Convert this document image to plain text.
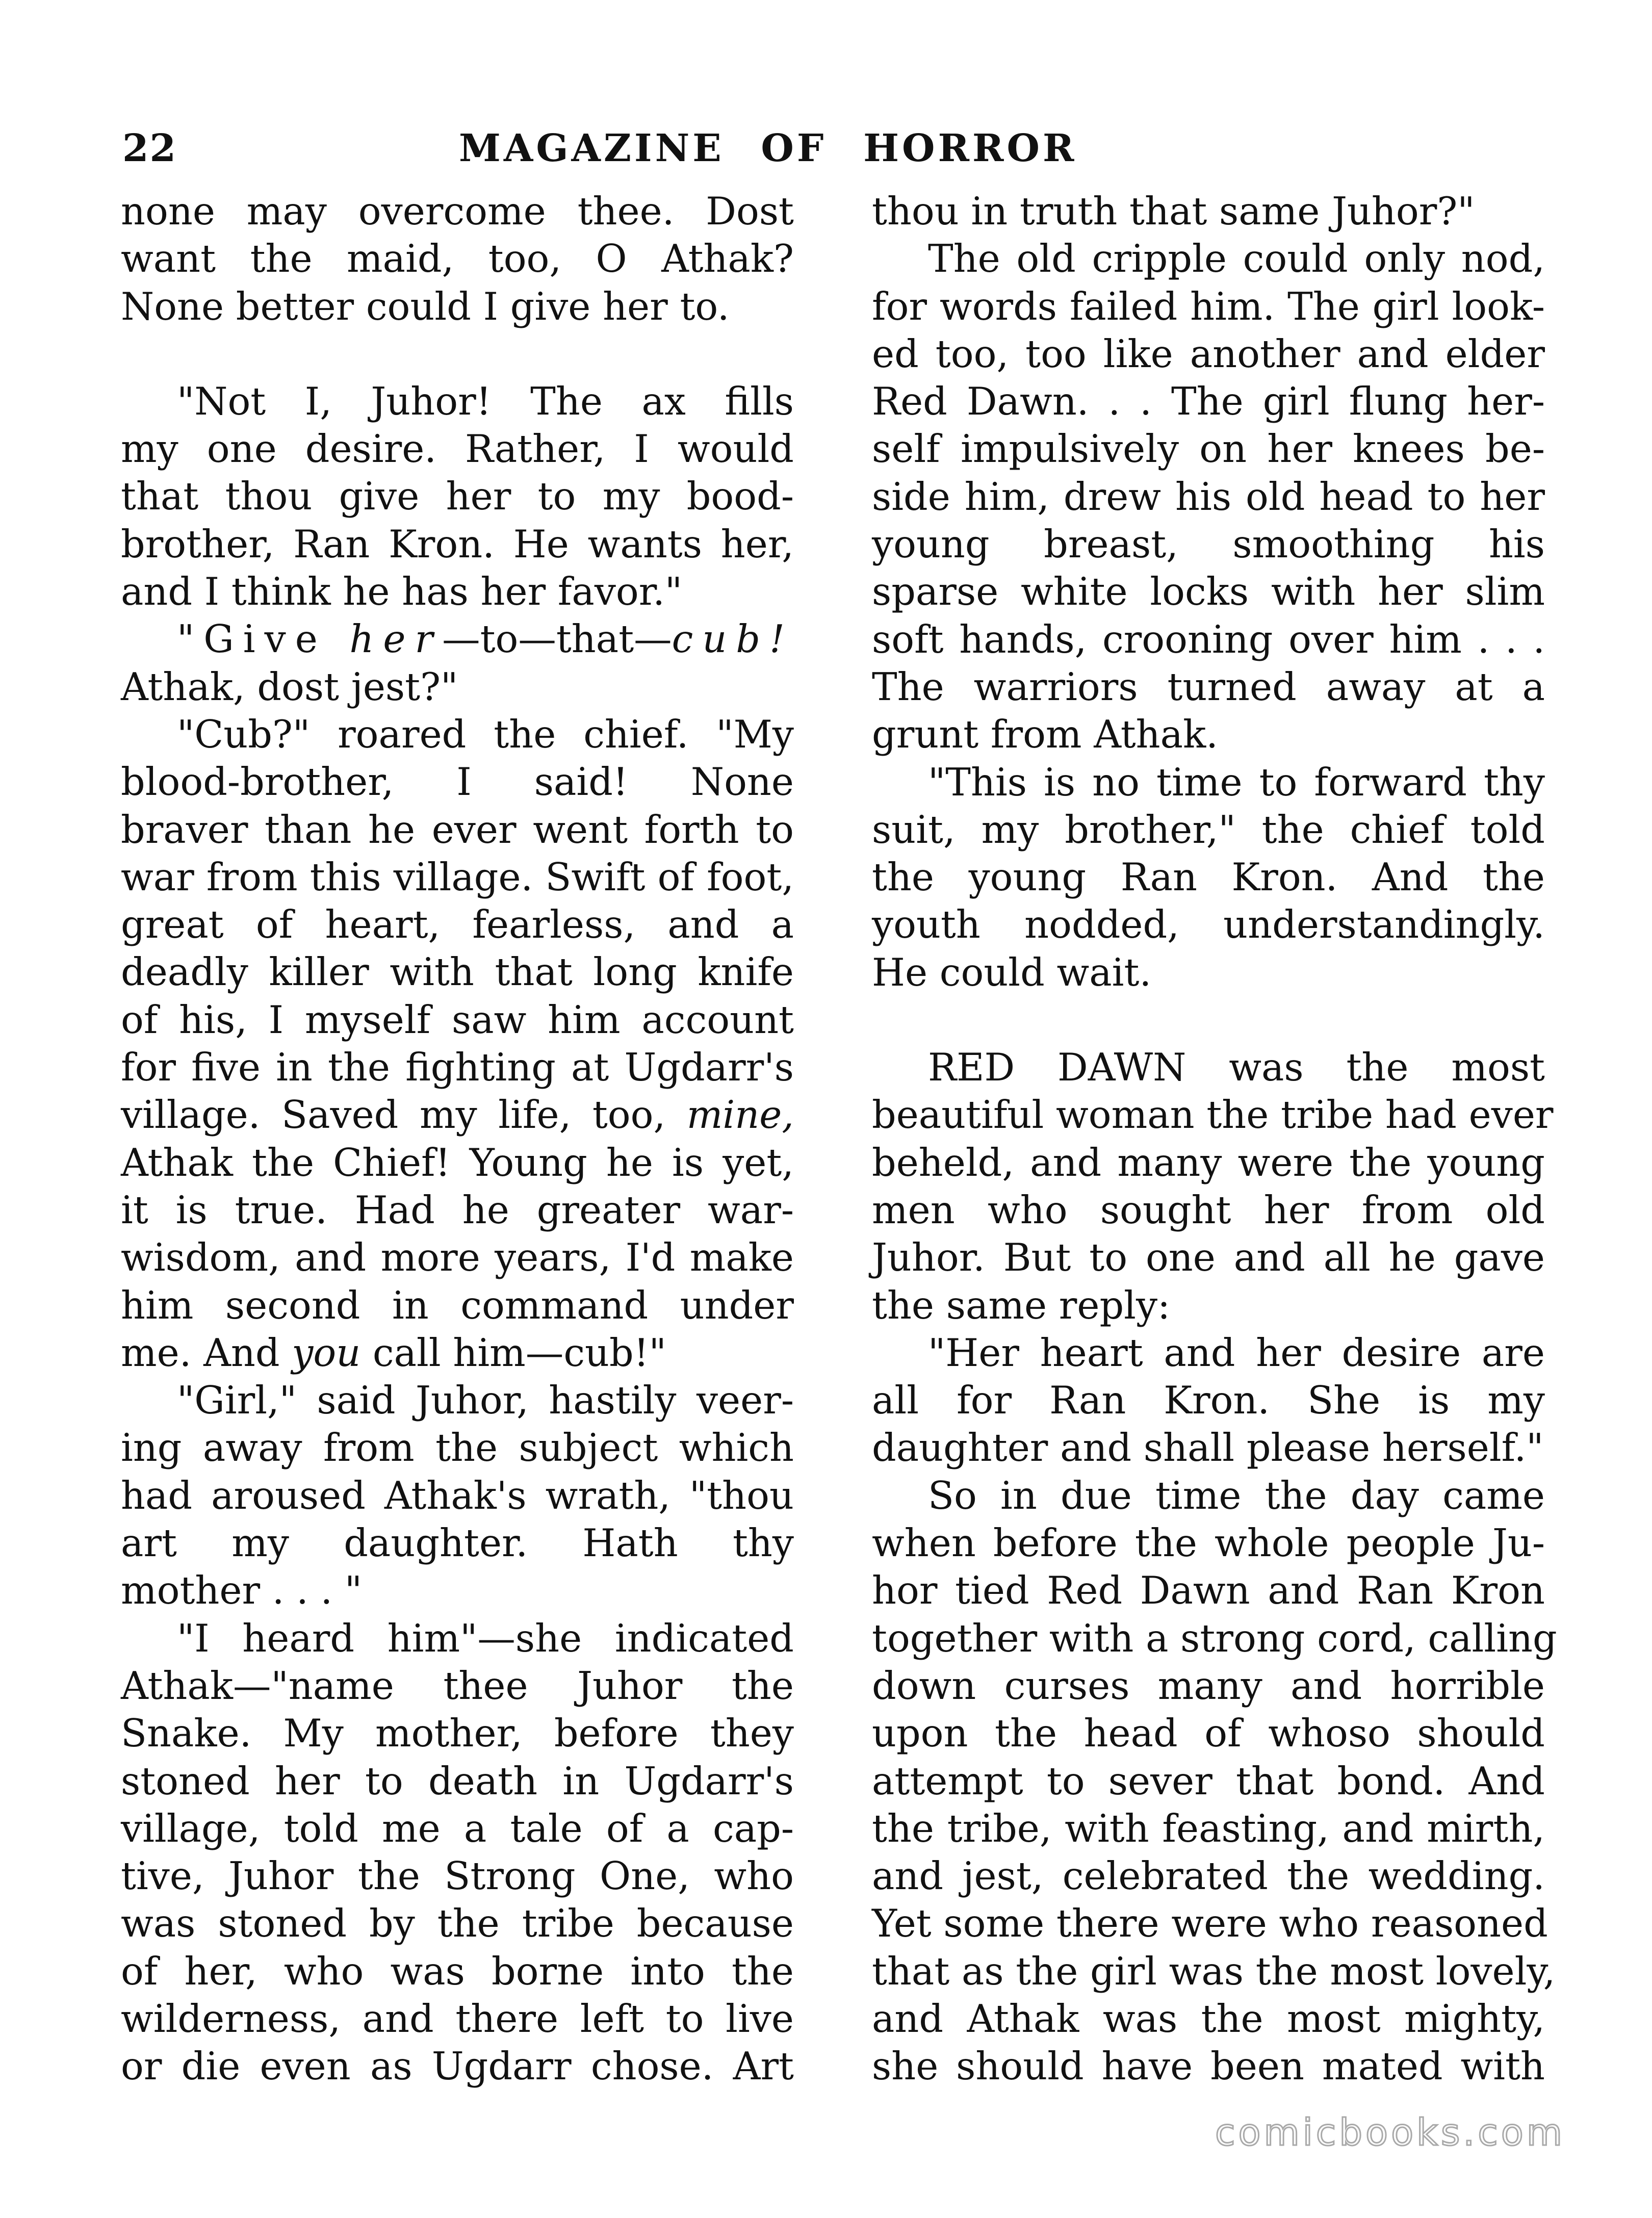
22	MAGAZINE OF HORROR
none may overcome thee. Dost
want the maid, too, O Athak?
None better could I give her to.
"Not I, Juhor! The ax fills
my one desire. Rather, I would
that thou give her to my bood-
brother, Ran Kron. He wants her,
and I think he has her favor."
"Give her—to—that—cub!
Athak, dost jest?"
"Cub?" roared the chief. "My
blood-brother, I said! None
braver than he ever went forth to
war from this village. Swift of foot,
great of heart, fearless, and a
deadly killer with that long knife
of his, I myself saw him account
for five in the fighting at Ugdarr's
village. Saved my life, too, mine,
Athak the Chief! Young he is yet,
it is true. Had he greater war-
wisdom, and more years, I'd make
him second in command under
me. And you call him—cub!"
"Girl," said Juhor, hastily veer-
ing away from the subject which
had aroused Athak's wrath, "thou
art my daughter. Hath thy
mother . . . "
"I heard him"—she indicated
Athak—"name thee Juhor the
Snake. My mother, before they
stoned her to death in Ugdarr's
village, told me a tale of a cap-
tive, Juhor the Strong One, who
was stoned by the tribe because
of her, who was borne into the
wilderness, and there left to live
or die even as Ugdarr chose. Art
thou in truth that same Juhor?"
The old cripple could only nod,
for words failed him. The girl look-
ed too, too like another and elder
Red Dawn. . . The girl flung her-
self impulsively on her knees be-
side him, drew his old head to her
young breast, smoothing his
sparse white locks with her slim
soft hands, crooning over him . . .
The warriors turned away at a
grunt from Athak.
"This is no time to forward thy
suit, my brother," the chief told
the young Ran Kron. And the
youth nodded, understandingly.
He could wait.
RED DAWN was the most
beautiful woman the tribe had ever
beheld, and many were the young
men who sought her from old
Juhor. But to one and all he gave
the same reply:
"Her heart and her desire are
all for Ran Kron. She is my
daughter and shall please herself."
So in due time the day came
when before the whole people Ju-
hor tied Red Dawn and Ran Kron
together with a strong cord, calling
down curses many and horrible
upon the head of whoso should
attempt to sever that bond. And
the tribe, with feasting, and mirth,
and jest, celebrated the wedding.
Yet some there were who reasoned
that as the girl was the most lovely,
and Athak was the most mighty,
she should have been mated with
comicbooks.com
